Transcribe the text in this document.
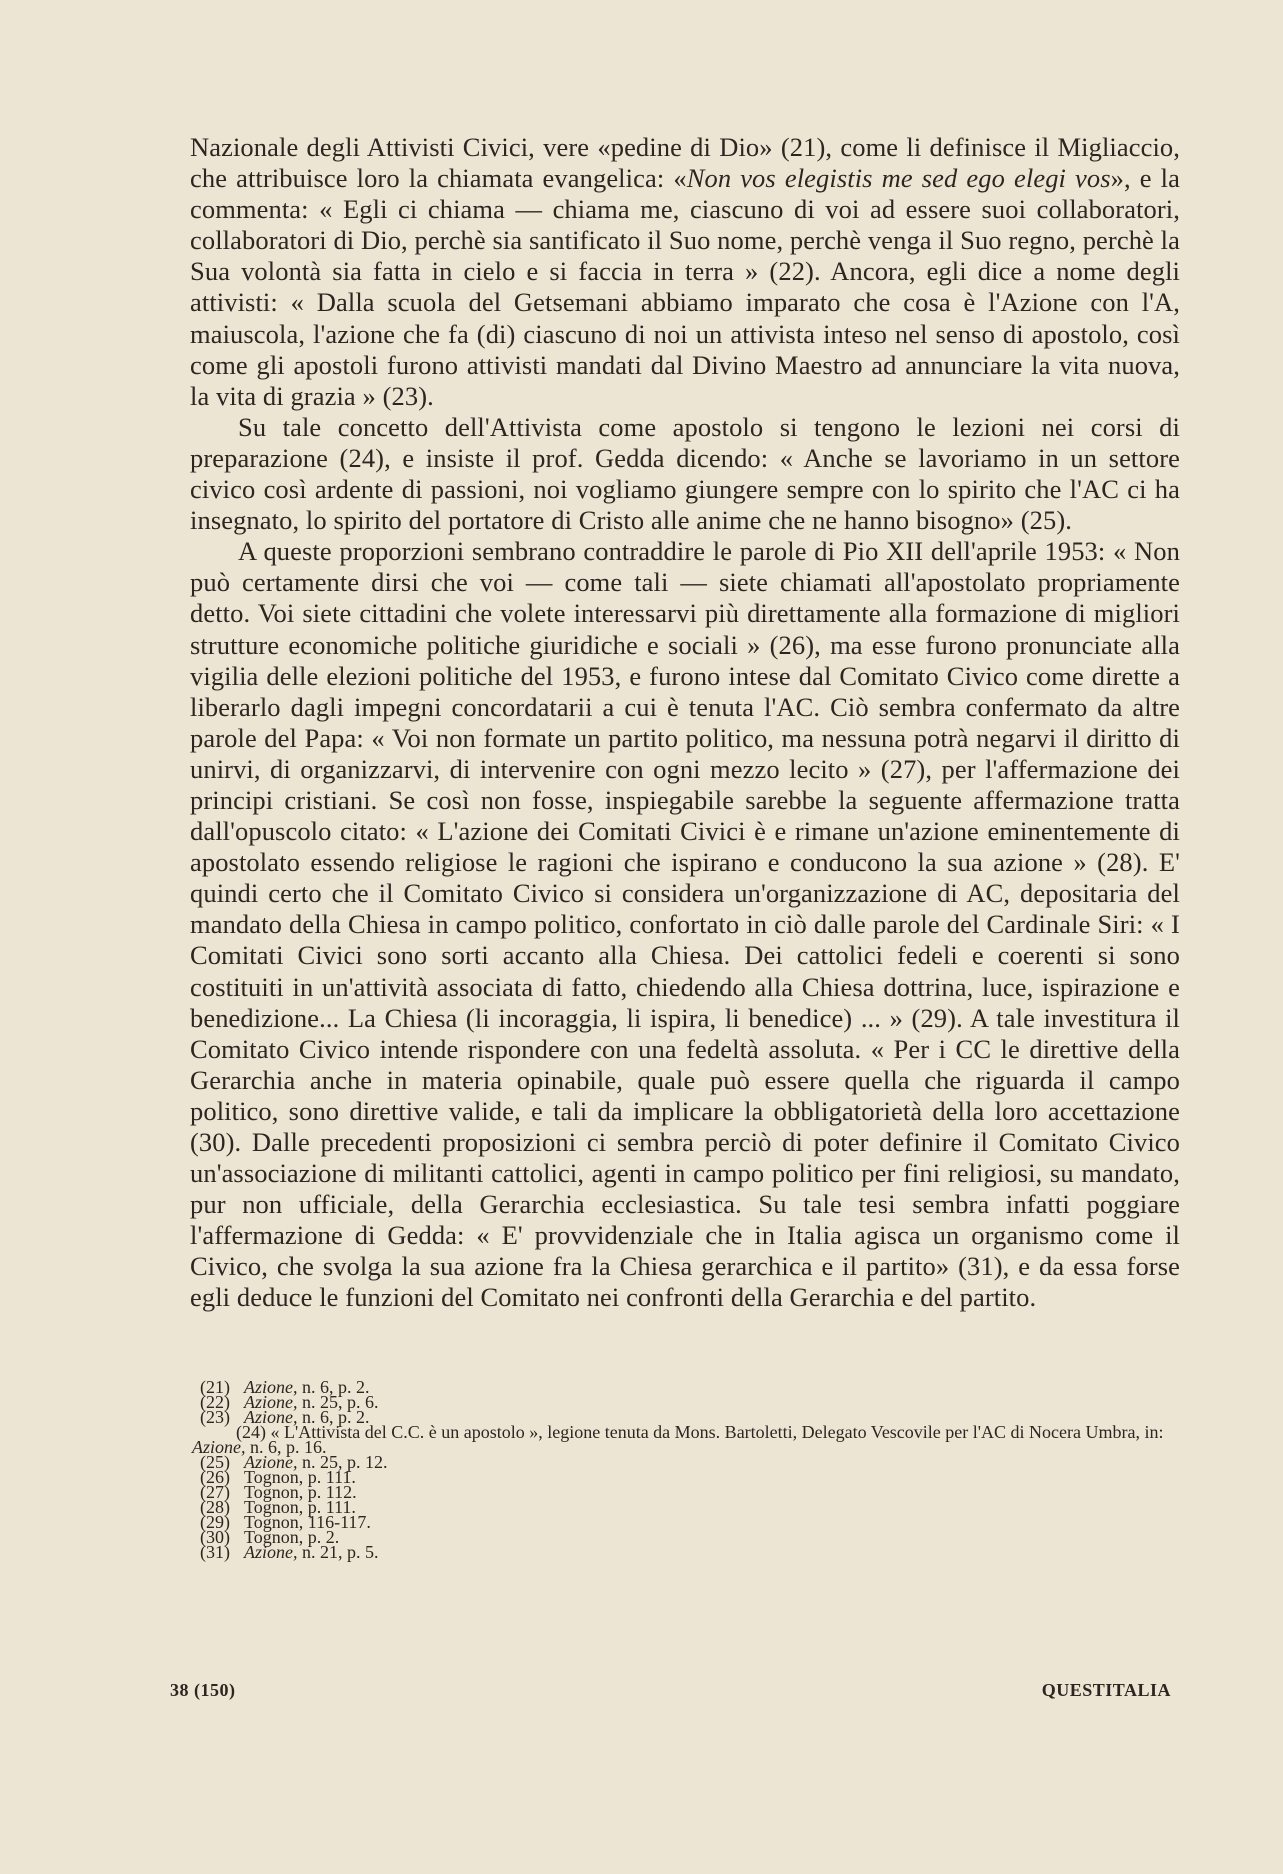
Nazionale degli Attivisti Civici, vere «pedine di Dio» (21), come li definisce il Migliaccio, che attribuisce loro la chiamata evangelica: «Non vos elegistis me sed ego elegi vos», e la commenta: « Egli ci chiama — chiama me, ciascuno di voi ad essere suoi collaboratori, collaboratori di Dio, perchè sia santificato il Suo nome, perchè venga il Suo regno, perchè la Sua volontà sia fatta in cielo e si faccia in terra » (22). Ancora, egli dice a nome degli attivisti: « Dalla scuola del Getsemani abbiamo imparato che cosa è l'Azione con l'A, maiuscola, l'azione che fa (di) ciascuno di noi un attivista inteso nel senso di apostolo, così come gli apostoli furono attivisti mandati dal Divino Maestro ad annunciare la vita nuova, la vita di grazia » (23).

Su tale concetto dell'Attivista come apostolo si tengono le lezioni nei corsi di preparazione (24), e insiste il prof. Gedda dicendo: « Anche se lavoriamo in un settore civico così ardente di passioni, noi vogliamo giungere sempre con lo spirito che l'AC ci ha insegnato, lo spirito del portatore di Cristo alle anime che ne hanno bisogno» (25).

A queste proporzioni sembrano contraddire le parole di Pio XII dell'aprile 1953: « Non può certamente dirsi che voi — come tali — siete chiamati all'apostolato propriamente detto. Voi siete cittadini che volete interessarvi più direttamente alla formazione di migliori strutture economiche politiche giuridiche e sociali » (26), ma esse furono pronunciate alla vigilia delle elezioni politiche del 1953, e furono intese dal Comitato Civico come dirette a liberarlo dagli impegni concordatarii a cui è tenuta l'AC. Ciò sembra confermato da altre parole del Papa: « Voi non formate un partito politico, ma nessuna potrà negarvi il diritto di unirvi, di organizzarvi, di intervenire con ogni mezzo lecito » (27), per l'affermazione dei principi cristiani. Se così non fosse, inspiegabile sarebbe la seguente affermazione tratta dall'opuscolo citato: « L'azione dei Comitati Civici è e rimane un'azione eminentemente di apostolato essendo religiose le ragioni che ispirano e conducono la sua azione » (28). E' quindi certo che il Comitato Civico si considera un'organizzazione di AC, depositaria del mandato della Chiesa in campo politico, confortato in ciò dalle parole del Cardinale Siri: « I Comitati Civici sono sorti accanto alla Chiesa. Dei cattolici fedeli e coerenti si sono costituiti in un'attività associata di fatto, chiedendo alla Chiesa dottrina, luce, ispirazione e benedizione... La Chiesa (li incoraggia, li ispira, li benedice) ... » (29). A tale investitura il Comitato Civico intende rispondere con una fedeltà assoluta. « Per i CC le direttive della Gerarchia anche in materia opinabile, quale può essere quella che riguarda il campo politico, sono direttive valide, e tali da implicare la obbligatorietà della loro accettazione (30). Dalle precedenti proposizioni ci sembra perciò di poter definire il Comitato Civico un'associazione di militanti cattolici, agenti in campo politico per fini religiosi, su mandato, pur non ufficiale, della Gerarchia ecclesiastica. Su tale tesi sembra infatti poggiare l'affermazione di Gedda: « E' provvidenziale che in Italia agisca un organismo come il Civico, che svolga la sua azione fra la Chiesa gerarchica e il partito» (31), e da essa forse egli deduce le funzioni del Comitato nei confronti della Gerarchia e del partito.

(21) Azione, n. 6, p. 2.
(22) Azione, n. 25, p. 6.
(23) Azione, n. 6, p. 2.
(24) « L'Attivista del C.C. è un apostolo », legione tenuta da Mons. Bartoletti, Delegato Vescovile per l'AC di Nocera Umbra, in: Azione, n. 6, p. 16.
(25) Azione, n. 25, p. 12.
(26) Tognon, p. 111.
(27) Tognon, p. 112.
(28) Tognon, p. 111.
(29) Tognon, 116-117.
(30) Tognon, p. 2.
(31) Azione, n. 21, p. 5.
38 (150)	QUESTITALIA
